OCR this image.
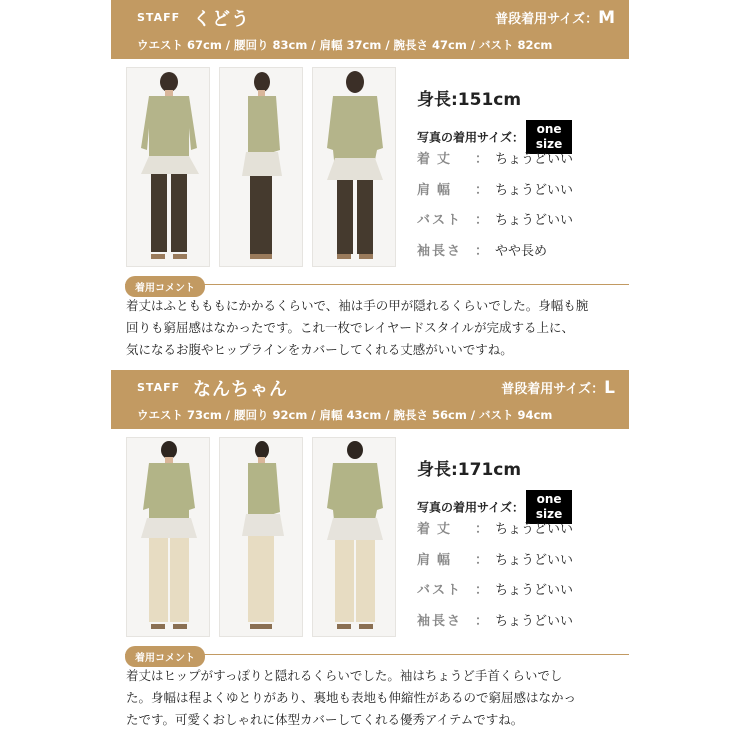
STAFF くどう	普段着用サイズ：M
ウエスト 67cm / 腰回り 83cm / 肩幅 37cm / 腕長さ 47cm / バスト 82cm
身長:151cm
写真の着用サイズ：one
size
着丈 ： ちょうどいい
肩幅 ： ちょうどいい
バスト ： ちょうどいい
袖長さ ： やや長め
着用コメント
着丈はふともももにかかるくらいで、袖は手の甲が隠れるくらいでした。身幅も腕
回りも窮屈感はなかったです。これ一枚でレイヤードスタイルが完成する上に、
気になるお腹やヒップラインをカバーしてくれる丈感がいいですね。
STAFF なんちゃん	普段着用サイズ：L
ウエスト 73cm / 腰回り 92cm / 肩幅 43cm / 腕長さ 56cm / バスト 94cm
身長:171cm
写真の着用サイズ：one
size
着丈 ： ちょうどいい
肩幅 ： ちょうどいい
バスト ： ちょうどいい
袖長さ ： ちょうどいい
着用コメント
着丈はヒップがすっぽりと隠れるくらいでした。袖はちょうど手首くらいでし
た。身幅は程よくゆとりがあり、裏地も表地も伸縮性があるので窮屈感はなかっ
たです。可愛くおしゃれに体型カバーしてくれる優秀アイテムですね。
